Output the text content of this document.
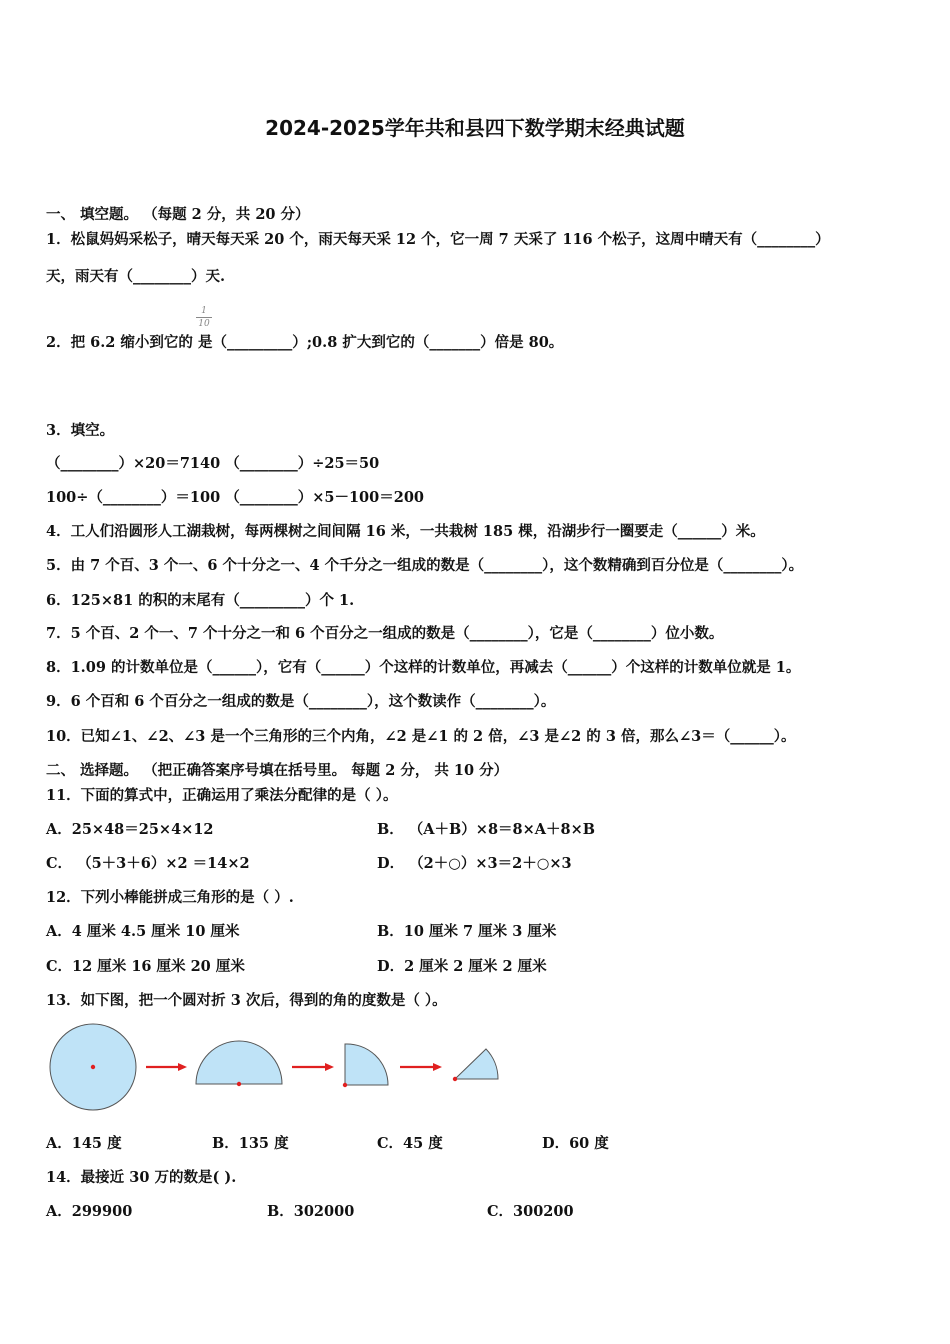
2024-2025学年共和县四下数学期末经典试题
一、 填空题。 （每题 2 分，共 20 分）
1．松鼠妈妈采松子，晴天每天采 20 个，雨天每天采 12 个，它一周 7 天采了 116 个松子，这周中晴天有（________）
天，雨天有（________）天.
1
10
2．把 6.2 缩小到它的 是（_________）;0.8 扩大到它的（_______）倍是 80。
3．填空。
（________）×20＝7140 （________）÷25＝50
100÷（________）＝100 （________）×5－100＝200
4．工人们沿圆形人工湖栽树，每两棵树之间间隔 16 米，一共栽树 185 棵，沿湖步行一圈要走（______）米。
5．由 7 个百、3 个一、6 个十分之一、4 个千分之一组成的数是（________），这个数精确到百分位是（________）。
6．125×81 的积的末尾有（_________）个 1.
7．5 个百、2 个一、7 个十分之一和 6 个百分之一组成的数是（________），它是（________）位小数。
8．1.09 的计数单位是（______），它有（______）个这样的计数单位，再减去（______）个这样的计数单位就是 1。
9．6 个百和 6 个百分之一组成的数是（________），这个数读作（________）。
10．已知∠1、∠2、∠3 是一个三角形的三个内角，∠2 是∠1 的 2 倍，∠3 是∠2 的 3 倍，那么∠3＝（______）。
二、 选择题。 （把正确答案序号填在括号里。 每题 2 分， 共 10 分）
11．下面的算式中，正确运用了乘法分配律的是（ ）。
A．25×48＝25×4×12	B． （A＋B）×8＝8×A＋8×B
C． （5＋3＋6）×2 ＝14×2	D． （2＋○）×3＝2＋○×3
12．下列小棒能拼成三角形的是（ ）.
A．4 厘米 4.5 厘米 10 厘米	B．10 厘米 7 厘米 3 厘米
C．12 厘米 16 厘米 20 厘米	D．2 厘米 2 厘米 2 厘米
13．如下图，把一个圆对折 3 次后，得到的角的度数是（ ）。
A．145 度	B．135 度	C．45 度	D．60 度
14．最接近 30 万的数是( ).
A．299900	B．302000	C．300200
